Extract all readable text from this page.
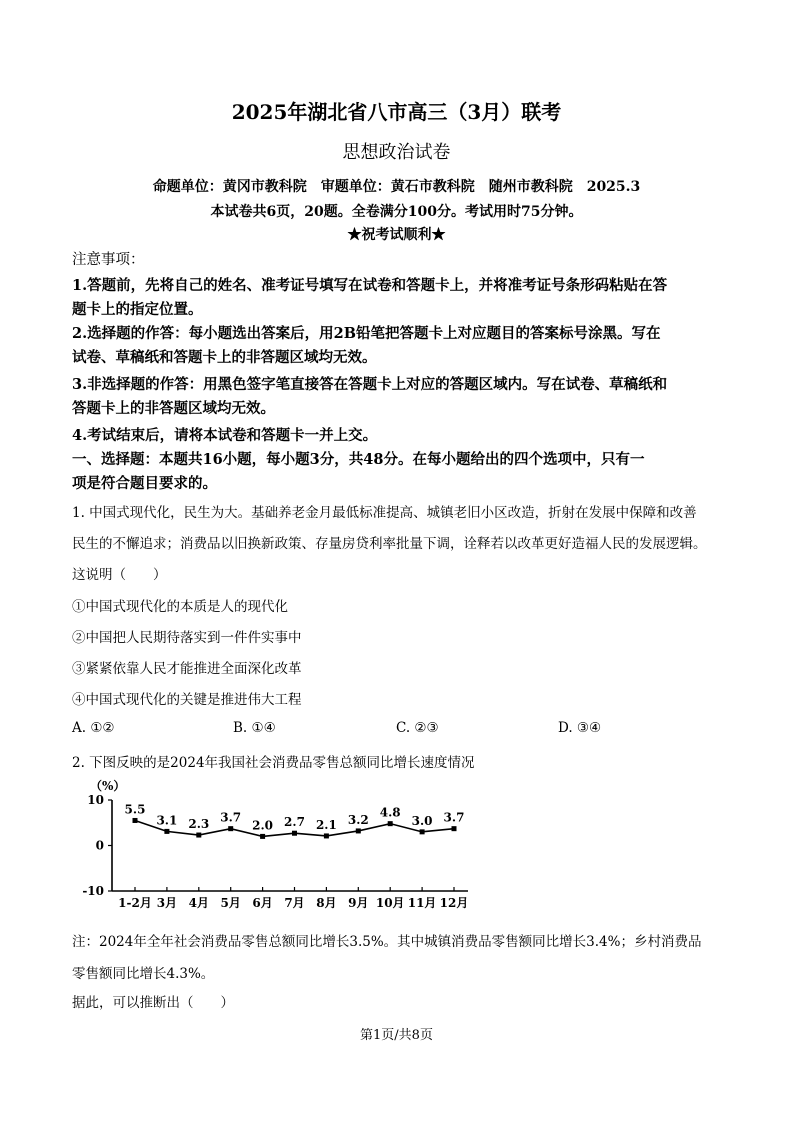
2025年湖北省八市高三（3月）联考
思想政治试卷
命题单位：黄冈市教科院　审题单位：黄石市教科院　随州市教科院　2025.3
本试卷共6页，20题。全卷满分100分。考试用时75分钟。
★祝考试顺利★
注意事项：
1.答题前，先将自己的姓名、准考证号填写在试卷和答题卡上，并将准考证号条形码粘贴在答
题卡上的指定位置。
2.选择题的作答：每小题选出答案后，用2B铅笔把答题卡上对应题目的答案标号涂黑。写在
试卷、草稿纸和答题卡上的非答题区域均无效。
3.非选择题的作答：用黑色签字笔直接答在答题卡上对应的答题区域内。写在试卷、草稿纸和
答题卡上的非答题区域均无效。
4.考试结束后，请将本试卷和答题卡一并上交。
一、选择题：本题共16小题，每小题3分，共48分。在每小题给出的四个选项中，只有一
项是符合题目要求的。
1. 中国式现代化，民生为大。基础养老金月最低标准提高、城镇老旧小区改造，折射在发展中保障和改善
民生的不懈追求；消费品以旧换新政策、存量房贷利率批量下调，诠释若以改革更好造福人民的发展逻辑。
这说明（　　）
①中国式现代化的本质是人的现代化
②中国把人民期待落实到一件件实事中
③紧紧依靠人民才能推进全面深化改革
④中国式现代化的关键是推进伟大工程
A. ①②	B. ①④	C. ②③	D. ③④
2. 下图反映的是2024年我国社会消费品零售总额同比增长速度情况
（%）
10
0
-10
1-2月 3月 4月 5月 6月 7月 8月 9月 10月 11月 12月
5.5
3.1 2.3 3.7
2.0 2.7 2.1 3.2
4.8
3.0 3.7
注：2024年全年社会消费品零售总额同比增长3.5%。其中城镇消费品零售额同比增长3.4%；乡村消费品
零售额同比增长4.3%。
据此，可以推断出（　　）
第1页/共8页
